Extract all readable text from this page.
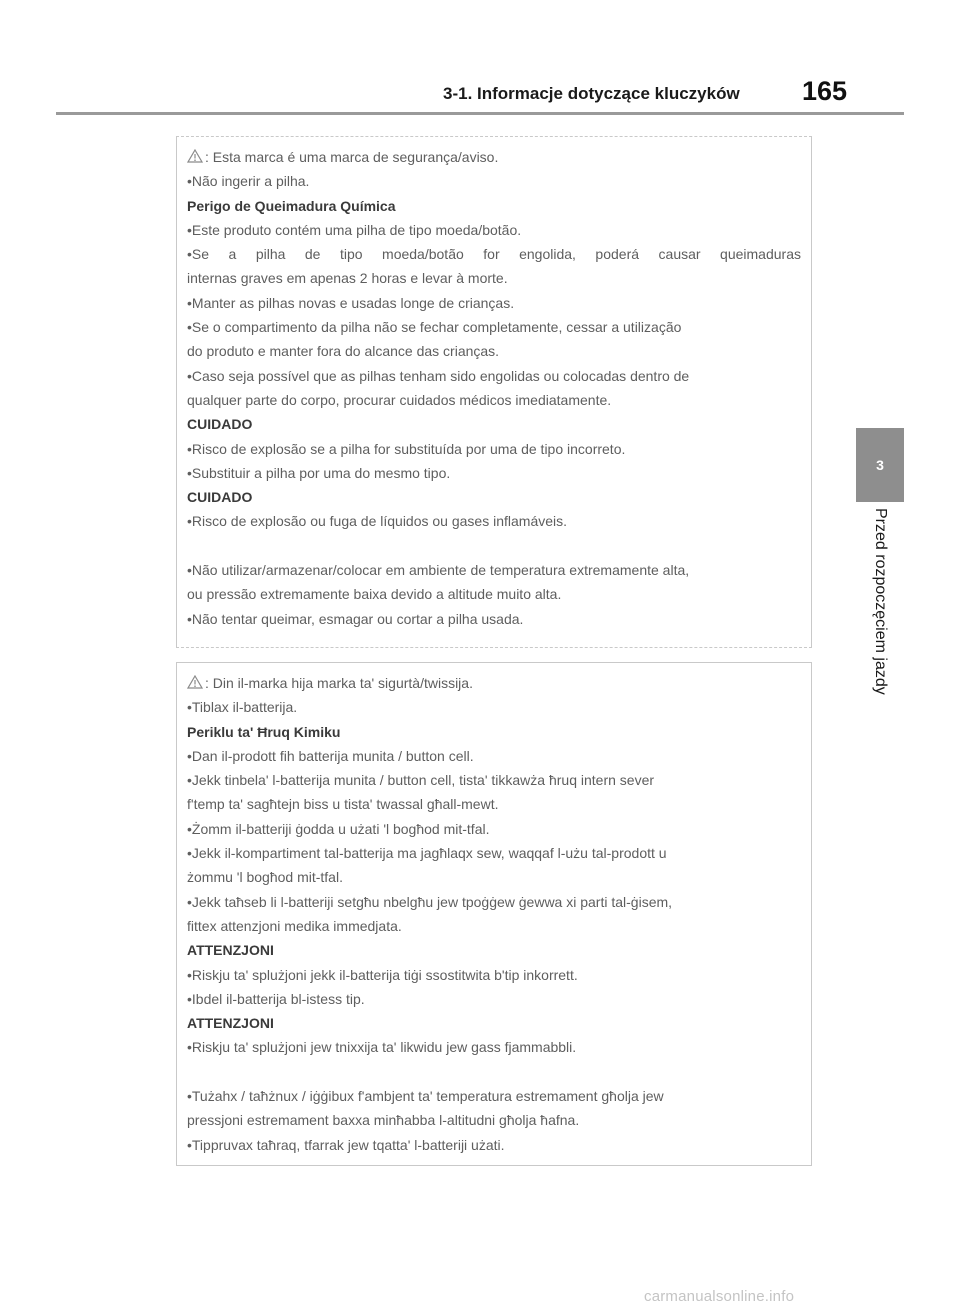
3-1. Informacje dotyczące kluczyków 165
3
Przed rozpoczęciem jazdy
: Esta marca é uma marca de segurança/aviso.
•Não ingerir a pilha.
Perigo de Queimadura Química
•Este produto contém uma pilha de tipo moeda/botão.
•Se a pilha de tipo moeda/botão for engolida, poderá causar queimaduras
internas graves em apenas 2 horas e levar à morte.
•Manter as pilhas novas e usadas longe de crianças.
•Se o compartimento da pilha não se fechar completamente, cessar a utilização
do produto e manter fora do alcance das crianças.
•Caso seja possível que as pilhas tenham sido engolidas ou colocadas dentro de
qualquer parte do corpo, procurar cuidados médicos imediatamente.
CUIDADO
•Risco de explosão se a pilha for substituída por uma de tipo incorreto.
•Substituir a pilha por uma do mesmo tipo.
CUIDADO
•Risco de explosão ou fuga de líquidos ou gases inflamáveis.
•Não utilizar/armazenar/colocar em ambiente de temperatura extremamente alta,
ou pressão extremamente baixa devido a altitude muito alta.
•Não tentar queimar, esmagar ou cortar a pilha usada.
: Din il-marka hija marka ta' sigurtà/twissija.
•Tiblax il-batterija.
Periklu ta' Ħruq Kimiku
•Dan il-prodott fih batterija munita / button cell.
•Jekk tinbela' l-batterija munita / button cell, tista' tikkawża ħruq intern sever
f'temp ta' sagħtejn biss u tista' twassal għall-mewt.
•Żomm il-batteriji ġodda u użati 'l bogħod mit-tfal.
•Jekk il-kompartiment tal-batterija ma jagħlaqx sew, waqqaf l-użu tal-prodott u
żommu 'l bogħod mit-tfal.
•Jekk taħseb li l-batteriji setgħu nbelgħu jew tpoġġew ġewwa xi parti tal-ġisem,
fittex attenzjoni medika immedjata.
ATTENZJONI
•Riskju ta' splużjoni jekk il-batterija tiġi ssostitwita b'tip inkorrett.
•Ibdel il-batterija bl-istess tip.
ATTENZJONI
•Riskju ta' splużjoni jew tnixxija ta' likwidu jew gass fjammabbli.
•Tużahx / taħżnux / iġġibux f'ambjent ta' temperatura estremament għolja jew
pressjoni estremament baxxa minħabba l-altitudni għolja ħafna.
•Tippruvax taħraq, tfarrak jew tqatta' l-batteriji użati.
carmanualsonline.info
